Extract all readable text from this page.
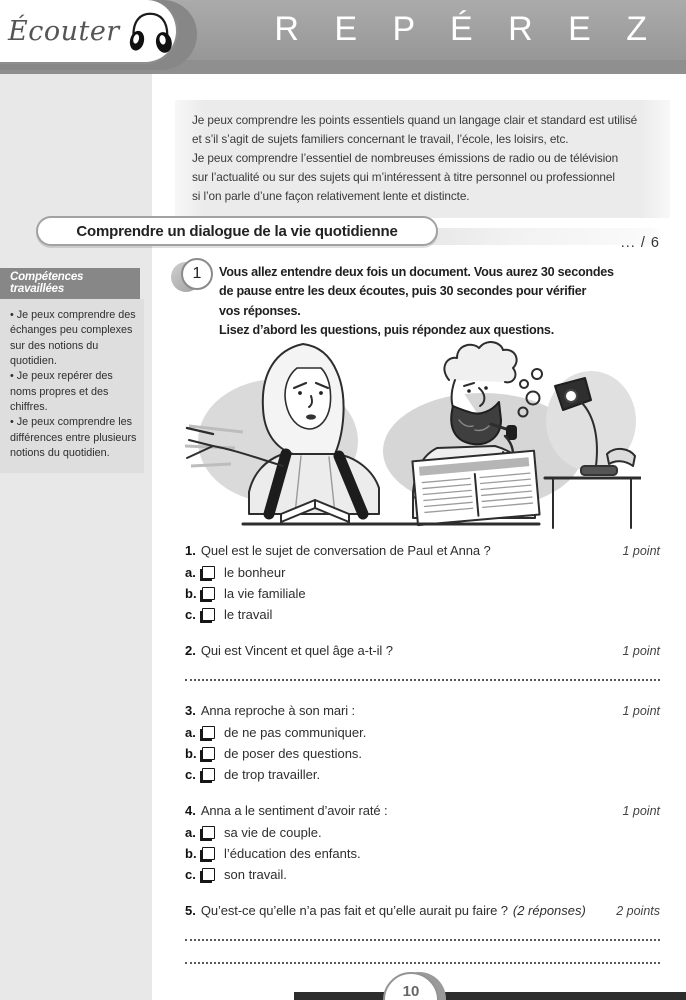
R E P É R E Z
Écouter
Je peux comprendre les points essentiels quand un langage clair et standard est utilisé
et s’il s’agit de sujets familiers concernant le travail, l’école, les loisirs, etc.
Je peux comprendre l’essentiel de nombreuses émissions de radio ou de télévision
sur l’actualité ou sur des sujets qui m’intéressent à titre personnel ou professionnel
si l’on parle d’une façon relativement lente et distincte.
Comprendre un dialogue de la vie quotidienne
... / 6
Compétences travaillées
• Je peux comprendre des échanges peu complexes sur des notions du quotidien.
• Je peux repérer des noms propres et des chiffres.
• Je peux comprendre les différences entre plusieurs notions du quotidien.
1 Vous allez entendre deux fois un document. Vous aurez 30 secondes
de pause entre les deux écoutes, puis 30 secondes pour vérifier
vos réponses.
Lisez d’abord les questions, puis répondez aux questions.
1. Quel est le sujet de conversation de Paul et Anna ?	1 point
a.	le bonheur
b. la vie familiale
c.	le travail
2. Qui est Vincent et quel âge a-t-il ?	1 point
3. Anna reproche à son mari :	1 point
a.	de ne pas communiquer.
b. de poser des questions.
c.	de trop travailler.
4. Anna a le sentiment d’avoir raté :	1 point
a.	sa vie de couple.
b. l’éducation des enfants.
c.	son travail.
5. Qu’est-ce qu’elle n’a pas fait et qu’elle aurait pu faire ? (2 réponses) 2 points
10
